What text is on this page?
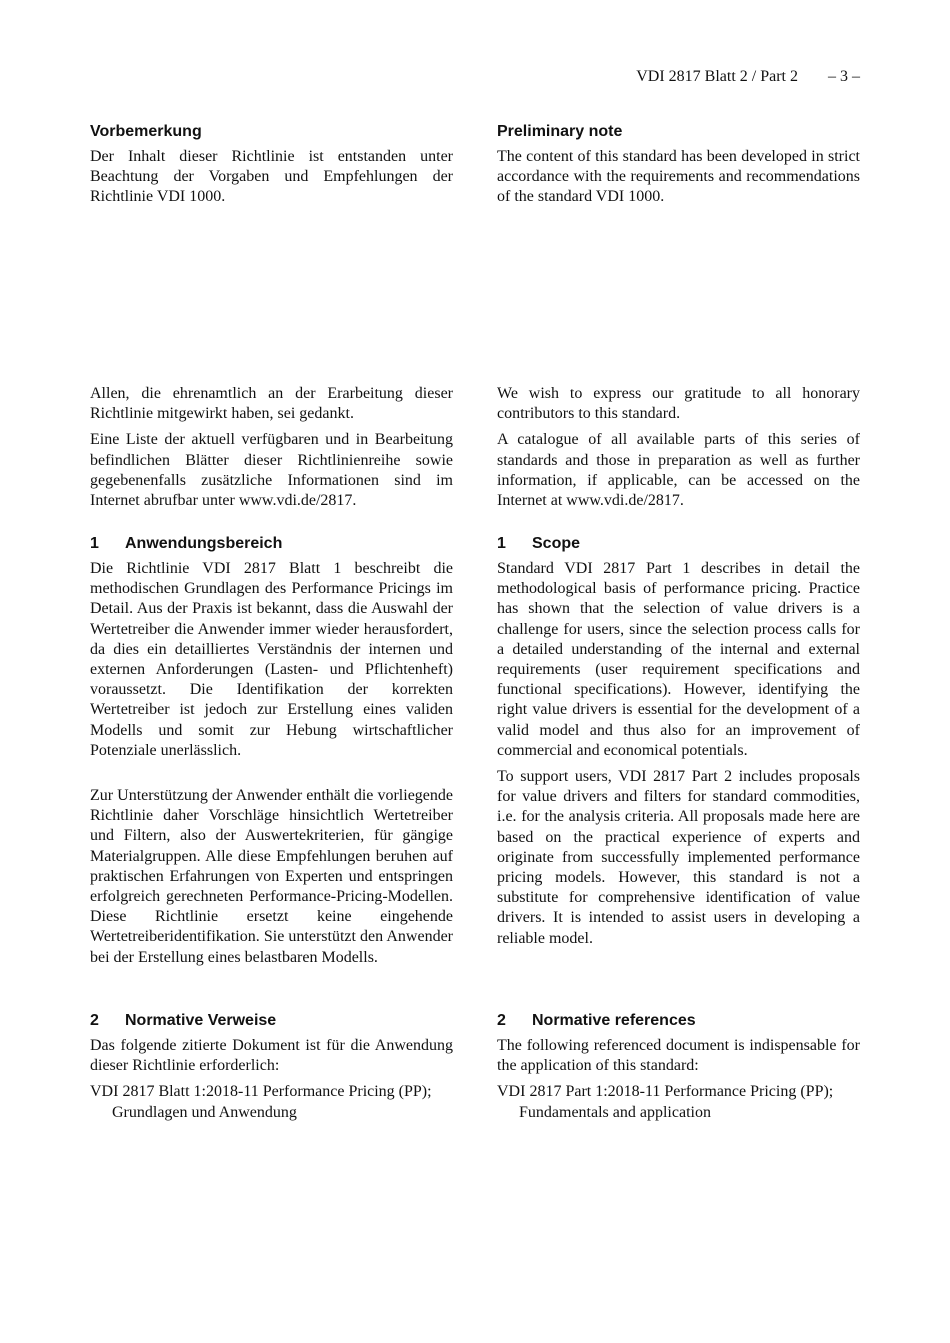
VDI 2817 Blatt 2 / Part 2 – 3 –
Vorbemerkung

Der Inhalt dieser Richtlinie ist entstanden unter Beachtung der Vorgaben und Empfehlungen der Richtlinie VDI 1000.

Allen, die ehrenamtlich an der Erarbeitung dieser Richtlinie mitgewirkt haben, sei gedankt.

Eine Liste der aktuell verfügbaren und in Bearbeitung befindlichen Blätter dieser Richtlinienreihe sowie gegebenenfalls zusätzliche Informationen sind im Internet abrufbar unter www.vdi.de/2817.

1 Anwendungsbereich

Die Richtlinie VDI 2817 Blatt 1 beschreibt die methodischen Grundlagen des Performance Pricings im Detail. Aus der Praxis ist bekannt, dass die Auswahl der Wertetreiber die Anwender immer wieder herausfordert, da dies ein detailliertes Verständnis der internen und externen Anforderungen (Lasten- und Pflichtenheft) voraussetzt. Die Identifikation der korrekten Wertetreiber ist jedoch zur Erstellung eines validen Modells und somit zur Hebung wirtschaftlicher Potenziale unerlässlich.

Zur Unterstützung der Anwender enthält die vorliegende Richtlinie daher Vorschläge hinsichtlich Wertetreiber und Filtern, also der Auswertekriterien, für gängige Materialgruppen. Alle diese Empfehlungen beruhen auf praktischen Erfahrungen von Experten und entspringen erfolgreich gerechneten Performance-Pricing-Modellen. Diese Richtlinie ersetzt keine eingehende Wertetreiberidentifikation. Sie unterstützt den Anwender bei der Erstellung eines belastbaren Modells.

2 Normative Verweise

Das folgende zitierte Dokument ist für die Anwendung dieser Richtlinie erforderlich:

VDI 2817 Blatt 1:2018-11 Performance Pricing (PP); Grundlagen und Anwendung

Preliminary note

The content of this standard has been developed in strict accordance with the requirements and recommendations of the standard VDI 1000.

We wish to express our gratitude to all honorary contributors to this standard.

A catalogue of all available parts of this series of standards and those in preparation as well as further information, if applicable, can be accessed on the Internet at www.vdi.de/2817.

1 Scope

Standard VDI 2817 Part 1 describes in detail the methodological basis of performance pricing. Practice has shown that the selection of value drivers is a challenge for users, since the selection process calls for a detailed understanding of the internal and external requirements (user requirement specifications and functional specifications). However, identifying the right value drivers is essential for the development of a valid model and thus also for an improvement of commercial and economical potentials.

To support users, VDI 2817 Part 2 includes proposals for value drivers and filters for standard commodities, i.e. for the analysis criteria. All proposals made here are based on the practical experience of experts and originate from successfully implemented performance pricing models. However, this standard is not a substitute for comprehensive identification of value drivers. It is intended to assist users in developing a reliable model.

2 Normative references

The following referenced document is indispensable for the application of this standard:

VDI 2817 Part 1:2018-11 Performance Pricing (PP); Fundamentals and application
